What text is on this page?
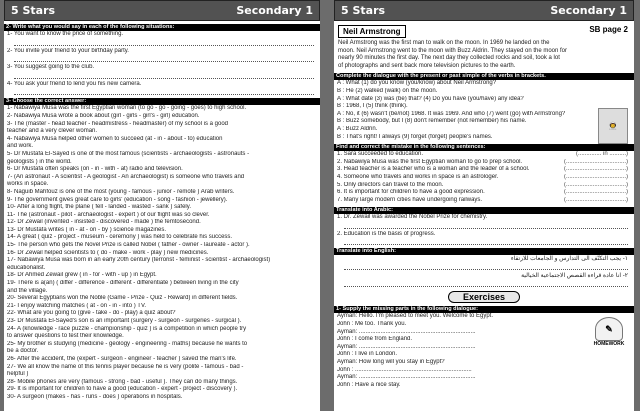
5 Stars	Secondary 1
2- Write what you would say in each of the following situations:
1- You want to know the price of something.
2- You invite your friend to your birthday party.
3- You suggest going to the club.
4- You ask your friend to lend you his new camera.
3- Choose the correct answer:
1- Nabawiya Musa was the first Egyptian woman (to go - go - going - goes) to high school.
2- Nabawiya Musa wrote a book about (girl - girls - girl's - girl) education.
3- The (master - head teacher - headmistress - headmaster) of my school is a good
teacher and a very clever woman.
4- Nabawiya Musa helped other women to succeed (at - in - about - to) education
and work.
5- Dr Mustafa El-Sayed is one of the most famous (scientists - archaeologists - astronauts -
geologists ) in the world.
6- Dr Mustafa often speaks (on - in - with - at) radio and television.
7- (An astronaut - A scientist - A geologist - An archaeologist) is someone who travels and
works in space.
8- Naguib Mahfouz is one of the most (young - famous - junior - remote ) Arab writers.
9- The government gives great care to girls' (education - song - fashion - jewellery).
10- After a long flight, the plane ( fell - landed - wasted - sank ) safely.
11- The (astronaut - pilot - archaeologist - expert ) of our flight was so clever.
12- Dr Zewail (invented - insisted - discovered - made ) the femtosecond.
13- Dr Mustafa writes ( in - at - on - by ) science magazines.
14- A great ( quiz - project - museum - ceremony ) was held to celebrate his success.
15- The person who gets the Novel Prize is called Nobel ( father - owner - laureate - actor ).
16- Dr Zewail helped scientists to ( do - make - work - play ) new medicines.
17- Nabawiya Musa was born in an early 20th century (terrorist - feminist - scientist - archaeologist)
educationalist.
18- Dr Ahmed Zewail grew ( in - for - with - up ) in Egypt.
19- There is a(an) ( differ - difference - different - differentiate ) between living in the city
and the village.
20- Several Egyptians won the Noble (Game - Prize - Quiz - Reward) in different fields.
21- I enjoy watching matches ( at - on - in - into ) TV.
22- What are you going to (give - take - do - play) a quiz about?
23- Dr Mustafa El-Sayed's son is an important (surgery - surgeon - surgeries - surgical ).
24- A (knowledge - race puzzle - championship - quiz ) is a competition in which people try
to answer questions to test their knowledge.
25- My brother is studying (medicine - geology - engineering - maths) because he wants to
be a doctor.
26- After the accident, the (expert - surgeon - engineer - teacher ) saved the man's life.
27- We all know the name of this tennis player because he is very (polite - famous - bad -
helpful )
28- Mobile phones are very (famous - strong - bad - useful ). They can do many things.
29- It is important for children to have a good (education - expert - project - discovery ).
30- A surgeon (makes - has - runs - does ) operations in hospitals.
5 Stars	Secondary 1
Neil Armstrong	SB page 2
Neil Armstrong was the first man to walk on the moon. In 1969 he landed on the
moon. Neil Armstrong went to the moon with Buzz Aldrin. They stayed on the moon for
nearly 90 minutes the first day. The next day they collected rocks and soil, took a lot
of photographs and sent back more television pictures to the earth.
👨‍🚀
Complete the dialogue with the present or past simple of the verbs in brackets.
A : What (1) do you know (you/know) about Neil Armstrong?
B : He (2) walked (walk) on the moon.
A : What date (3) was (be) that? (4) Do you have (you/have) any idea?
B : 1968, I (5) think (think).
A : No, it (6) wasn't (be/not) 1968. It was 1969. And who (7) went (go) with Armstrong?
B : Buzz somebody, but I (8) don't remember (not remember) his name.
A : Buzz Aldrin.
B : That's right! I always (9) forget (forget) people's names.
Find and correct the mistake in the following sentences:
1. Sara succeeded to education.	(.............. in ..........)
2. Nabawiya Musa was the first Egyptian woman to go to prep school.	(....................................)
3. Head teacher is a teacher who is a woman and the leader of a school.	(....................................)
4. Someone who travels and works in space is an astrologer.	(....................................)
5. Only directors can travel to the moon.	(....................................)
6. It is important for children to have a good expression.	(....................................)
7. Many large modern cities have undergoing railways.	(....................................)
Translate into Arabic:
1. Dr. Zewail was awarded the Nobel Prize for chemistry.
2. Education is the basis of progress.
Translate into English:
١- يجب التكنّف الى التدارس و الجامعات للارتقاء
٢- انا عادة قراءة القصص الاجتماعية الخيالية
Exercises
✎
HOMEWORK
1- Supply the missing parts in the following dialogue:
Ayman: Hello. I'm pleased to meet you. Welcome to Egypt.
John : Me too. Thank you.
Ayman: ......................................................................
John : I come from England.
Ayman: ......................................................................
John : I live in London.
Ayman: How long will you stay in Egypt?
John : ......................................................................
Ayman: ......................................................................
John : Have a nice stay.
